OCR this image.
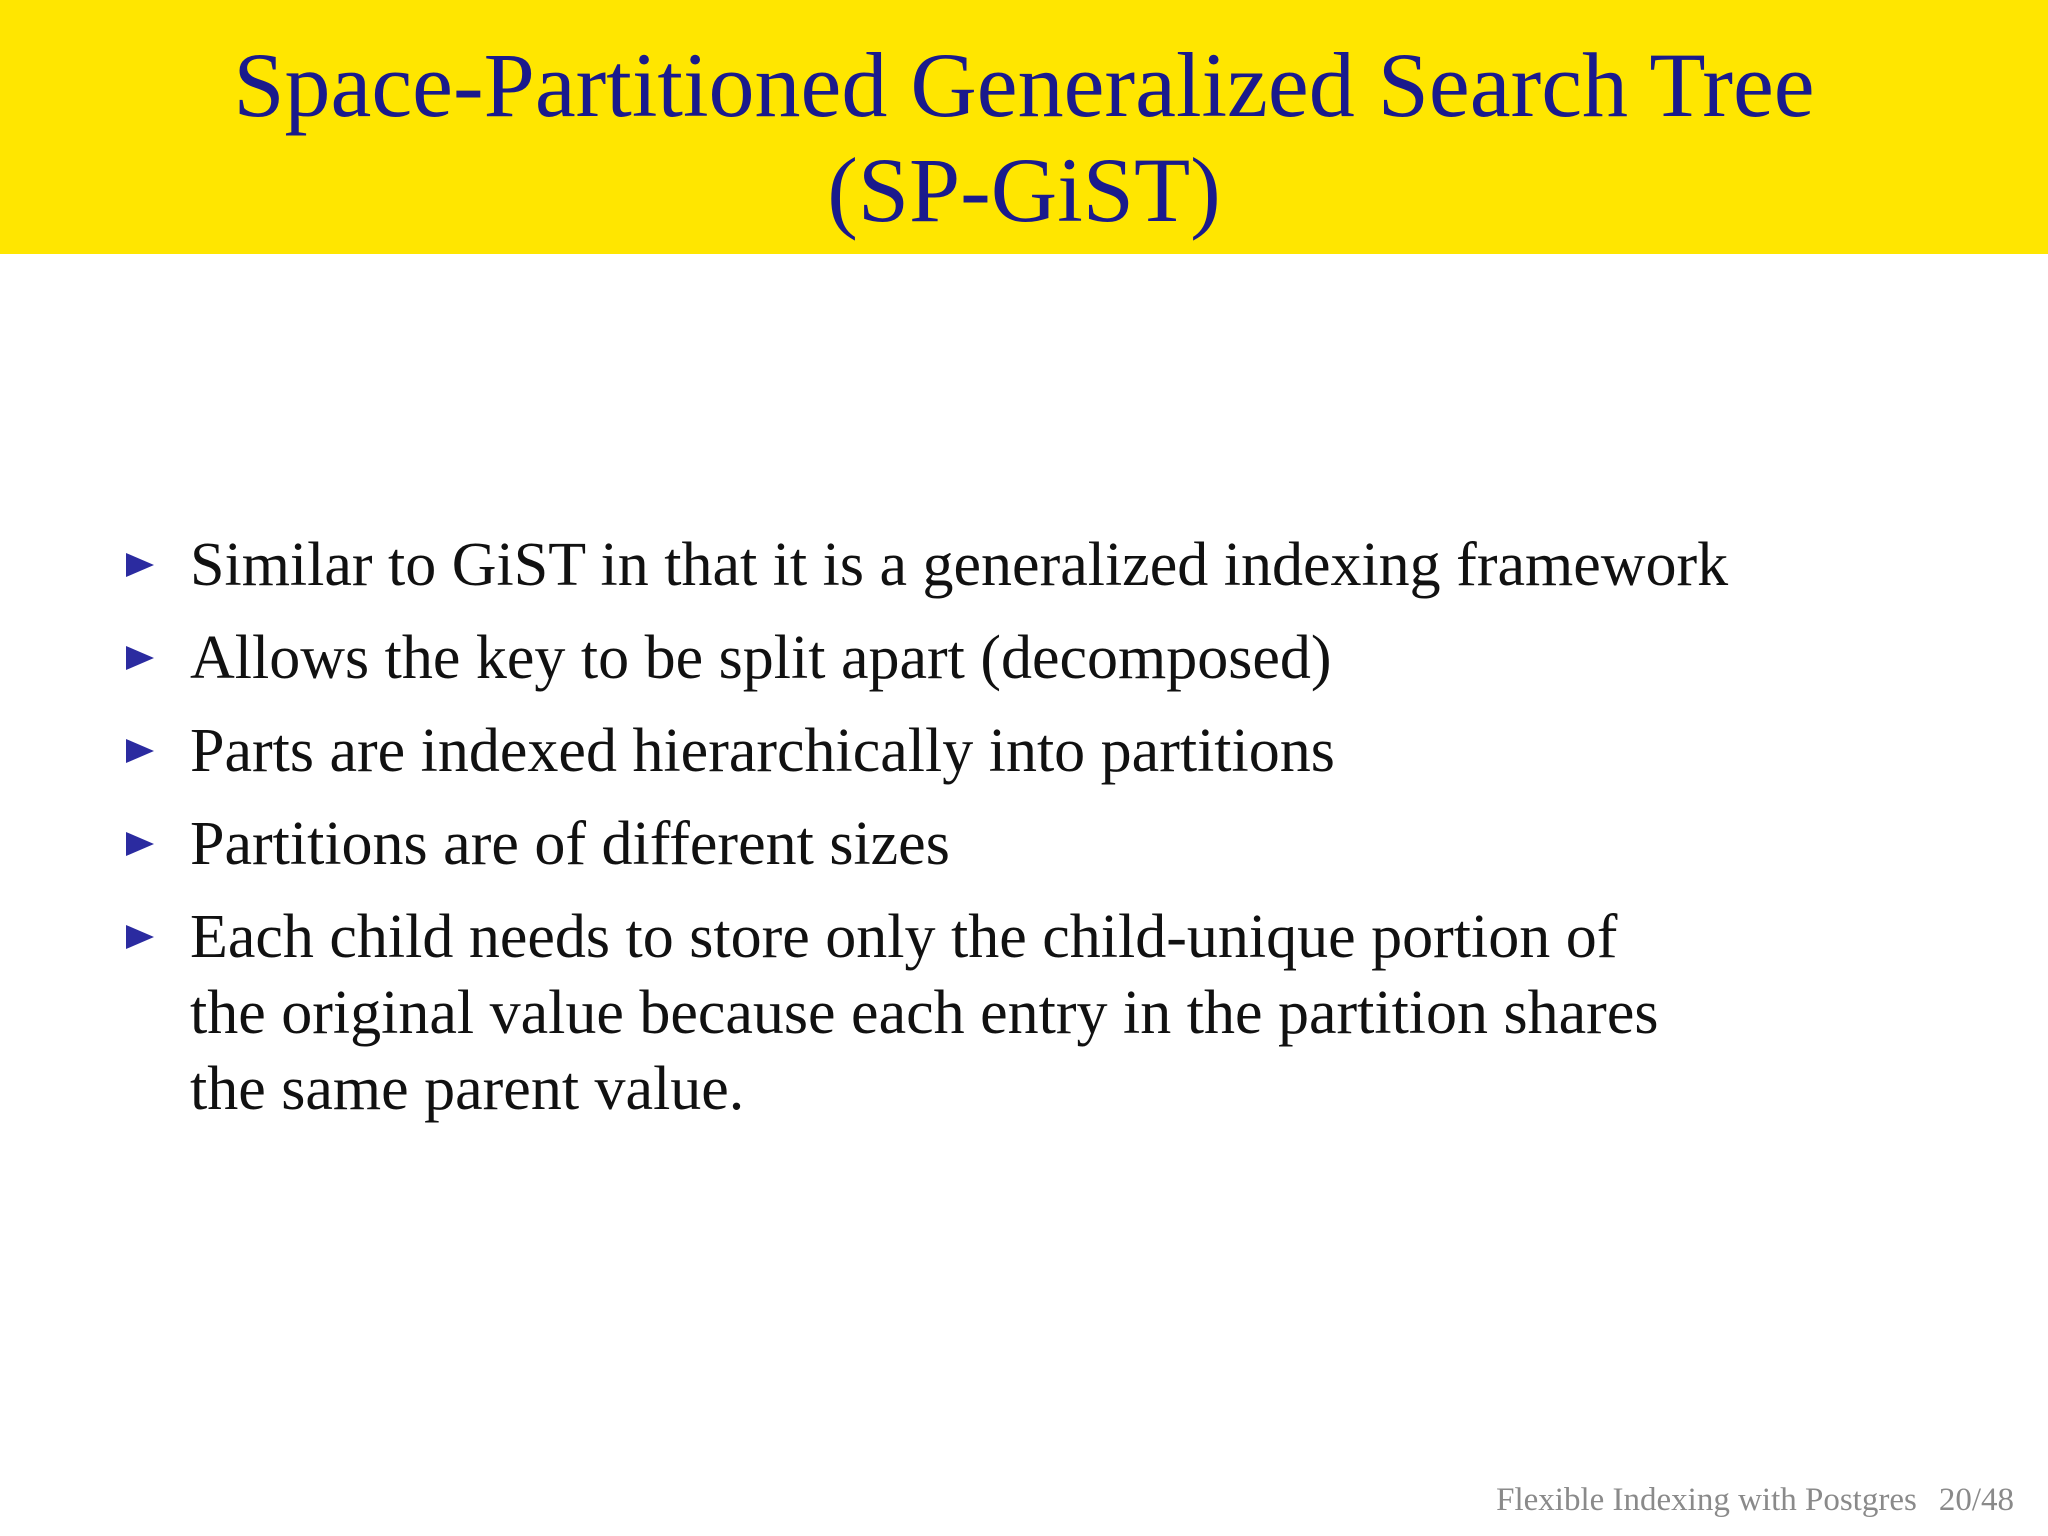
Space-Partitioned Generalized Search Tree
(SP-GiST)
Similar to GiST in that it is a generalized indexing framework
Allows the key to be split apart (decomposed)
Parts are indexed hierarchically into partitions
Partitions are of different sizes
Each child needs to store only the child-unique portion of
the original value because each entry in the partition shares
the same parent value.
Flexible Indexing with Postgres 20/48
